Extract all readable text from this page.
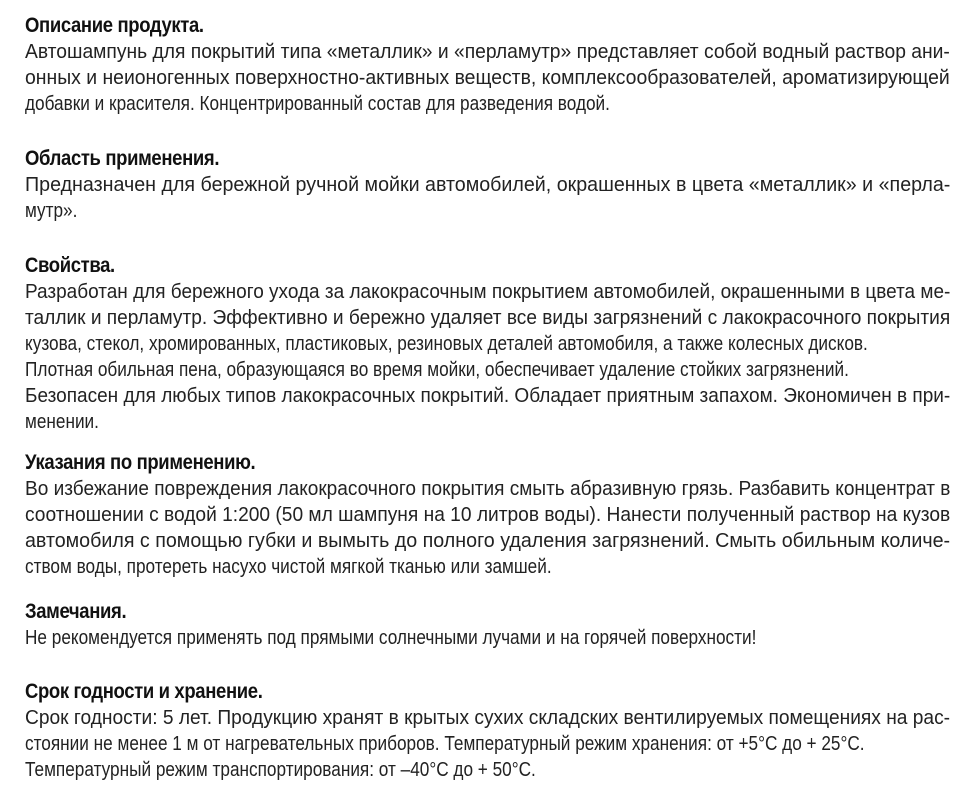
Описание продукта.
Автошампунь для покрытий типа «металлик» и «перламутр» представляет собой водный раствор ани-
онных и неионогенных поверхностно-активных веществ, комплексообразователей, ароматизирующей
добавки и красителя. Концентрированный состав для разведения водой.
Область применения.
Предназначен для бережной ручной мойки автомобилей, окрашенных в цвета «металлик» и «перла-
мутр».
Свойства.
Разработан для бережного ухода за лакокрасочным покрытием автомобилей, окрашенными в цвета ме-
таллик и перламутр. Эффективно и бережно удаляет все виды загрязнений с лакокрасочного покрытия
кузова, стекол, хромированных, пластиковых, резиновых деталей автомобиля, а также колесных дисков.
Плотная обильная пена, образующаяся во время мойки, обеспечивает удаление стойких загрязнений.
Безопасен для любых типов лакокрасочных покрытий. Обладает приятным запахом. Экономичен в при-
менении.
Указания по применению.
Во избежание повреждения лакокрасочного покрытия смыть абразивную грязь. Разбавить концентрат в
соотношении с водой 1:200 (50 мл шампуня на 10 литров воды). Нанести полученный раствор на кузов
автомобиля с помощью губки и вымыть до полного удаления загрязнений. Смыть обильным количе-
ством воды, протереть насухо чистой мягкой тканью или замшей.
Замечания.
Не рекомендуется применять под прямыми солнечными лучами и на горячей поверхности!
Срок годности и хранение.
Срок годности: 5 лет. Продукцию хранят в крытых сухих складских вентилируемых помещениях на рас-
стоянии не менее 1 м от нагревательных приборов. Температурный режим хранения: от +5°С до + 25°С.
Температурный режим транспортирования: от –40°С до + 50°С.
